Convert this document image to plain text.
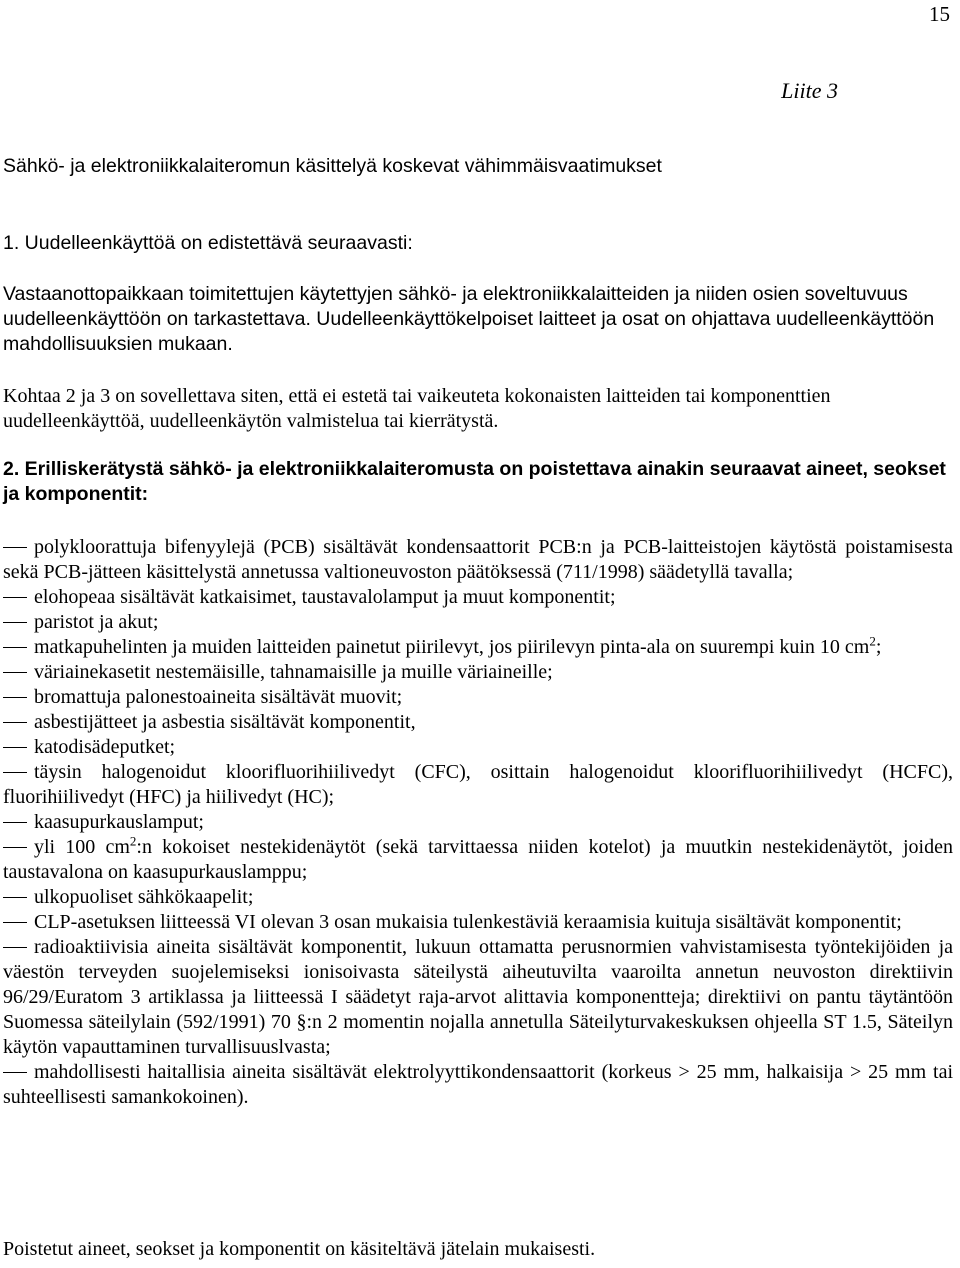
15
Liite 3
Sähkö- ja elektroniikkalaiteromun käsittelyä koskevat vähimmäisvaatimukset
1. Uudelleenkäyttöä on edistettävä seuraavasti:

Vastaanottopaikkaan toimitettujen käytettyjen sähkö- ja elektroniikkalaitteiden ja niiden osien soveltuvuus uudelleenkäyttöön on tarkastettava. Uudelleenkäyttökelpoiset laitteet ja osat on ohjattava uudelleenkäyttöön mahdollisuuksien mukaan.

Kohtaa 2 ja 3 on sovellettava siten, että ei estetä tai vaikeuteta kokonaisten laitteiden tai komponenttien uudelleenkäyttöä, uudelleenkäytön valmistelua tai kierrätystä.

2. Erilliskerätystä sähkö- ja elektroniikkalaiteromusta on poistettava ainakin seuraavat aineet, seokset ja komponentit:

polykloorattuja bifenyylejä (PCB) sisältävät kondensaattorit PCB:n ja PCB-laitteistojen käytöstä poistamisesta sekä PCB-jätteen käsittelystä annetussa valtioneuvoston päätöksessä (711/1998) säädetyllä tavalla;

elohopeaa sisältävät katkaisimet, taustavalolamput ja muut komponentit;

paristot ja akut;

matkapuhelinten ja muiden laitteiden painetut piirilevyt, jos piirilevyn pinta-ala on suurempi kuin 10 $cm^2$;

väriainekasetit nestemäisille, tahnamaisille ja muille väriaineille;

bromattuja palonestoaineita sisältävät muovit;

asbestijätteet ja asbestia sisältävät komponentit,

katodisädeputket;

täysin halogenoidut kloorifluorihiilivedyt (CFC), osittain halogenoidut kloorifluorihiilivedyt (HCFC), fluorihiilivedyt (HFC) ja hiilivedyt (HC);

kaasupurkauslamput;

yli 100 $cm^2:n$ kokoiset nestekidenäytöt (sekä tarvittaessa niiden kotelot) ja muutkin nestekidenäytöt, joiden taustavalona on kaasupurkauslamppu;

ulkopuoliset sähkökaapelit;

CLP-asetuksen liitteessä VI olevan 3 osan mukaisia tulenkestäviä keraamisia kuituja sisältävät komponentit;

radioaktiivisia aineita sisältävät komponentit, lukuun ottamatta perusnormien vahvistamisesta työntekijöiden ja väestön terveyden suojelemiseksi ionisoivasta säteilystä aiheutuvilta vaaroilta annetun neuvoston direktiivin 96/29/Euratom 3 artiklassa ja liitteessä I säädetyt raja-arvot alittavia komponentteja; direktiivi on pantu täytäntöön Suomessa säteilylain (592/1991) 70 §:n 2 momentin nojalla annetulla Säteilyturvakeskuksen ohjeella ST 1.5, Säteilyn käytön vapauttaminen turvallisuuslvasta;

mahdollisesti haitallisia aineita sisältävät elektrolyyttikondensaattorit (korkeus > 25 mm, halkaisija > 25 mm tai suhteellisesti samankokoinen).

Poistetut aineet, seokset ja komponentit on käsiteltävä jätelain mukaisesti.
